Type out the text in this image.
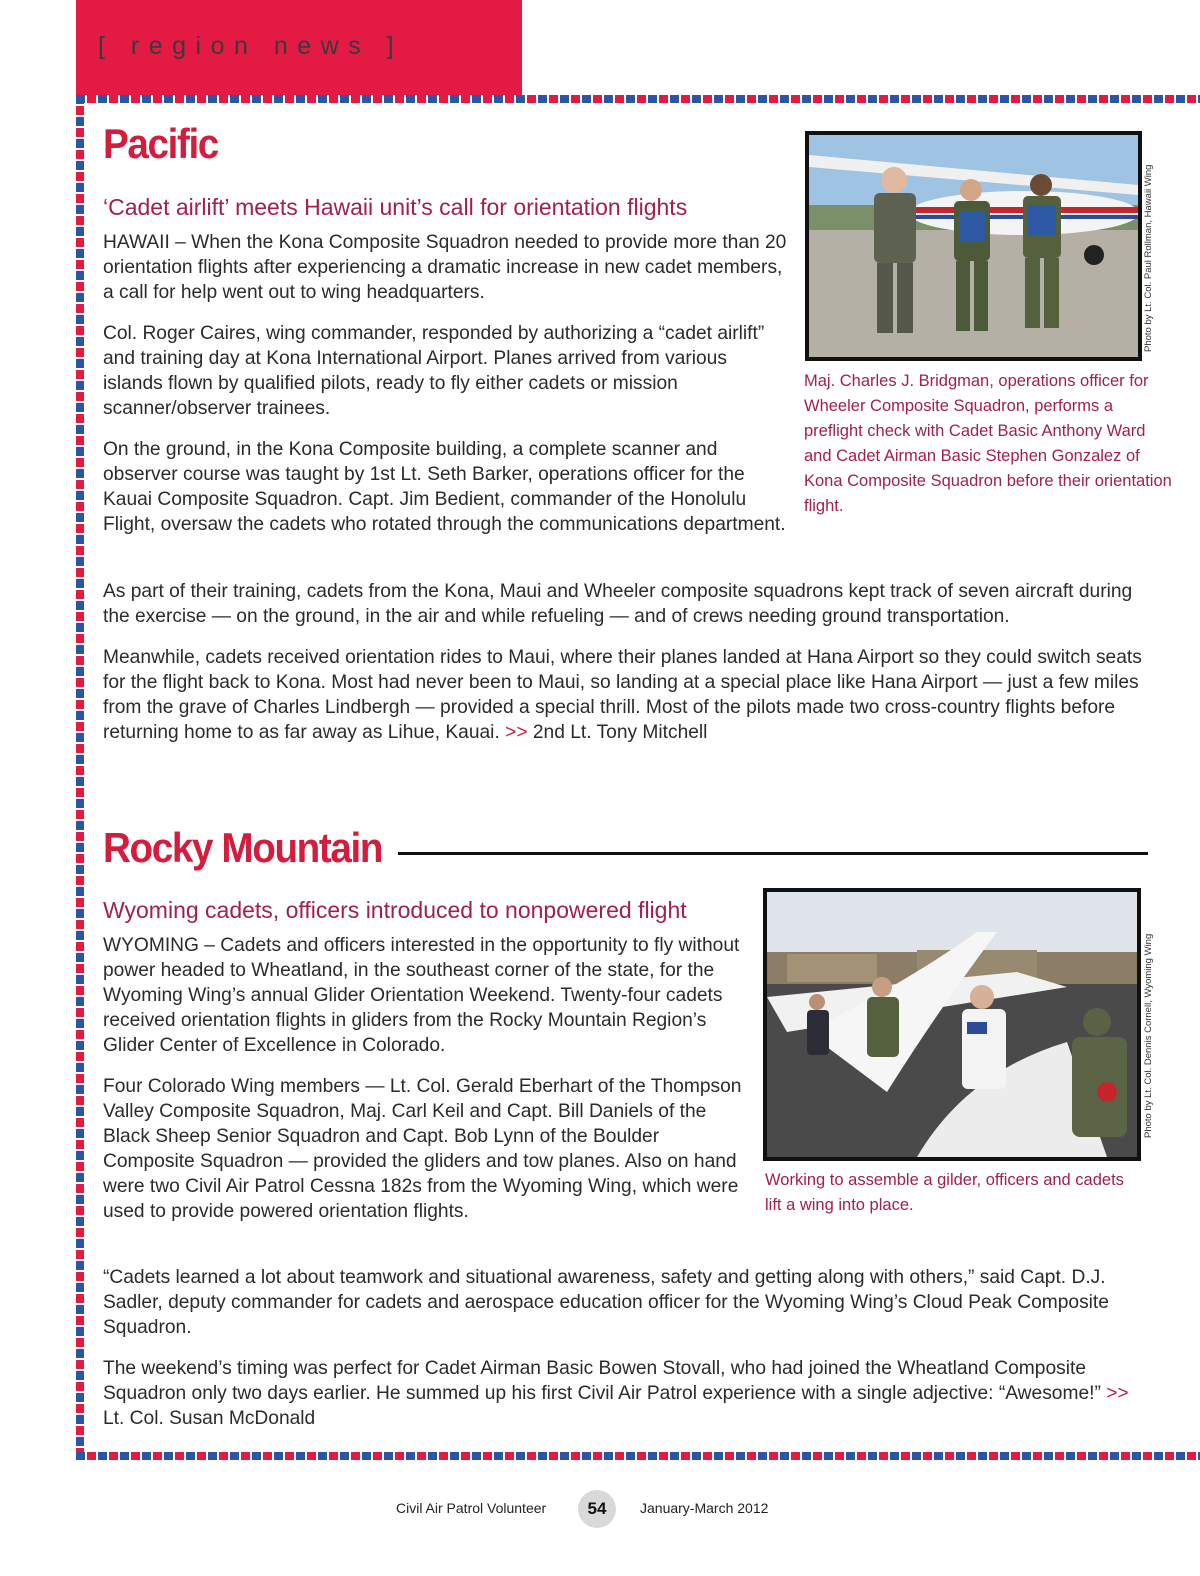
[ region news ]
Pacific
‘Cadet airlift’ meets Hawaii unit’s call for orientation flights

HAWAII – When the Kona Composite Squadron needed to provide more than 20 orientation flights after experiencing a dramatic increase in new cadet members, a call for help went out to wing headquarters.

Col. Roger Caires, wing commander, responded by authorizing a “cadet airlift” and training day at Kona International Airport. Planes arrived from various islands flown by qualified pilots, ready to fly either cadets or mission scanner/observer trainees.

On the ground, in the Kona Composite building, a complete scanner and observer course was taught by 1st Lt. Seth Barker, operations officer for the Kauai Composite Squadron. Capt. Jim Bedient, commander of the Honolulu Flight, oversaw the cadets who rotated through the communications department.

As part of their training, cadets from the Kona, Maui and Wheeler composite squadrons kept track of seven aircraft during the exercise — on the ground, in the air and while refueling — and of crews needing ground transportation.

Meanwhile, cadets received orientation rides to Maui, where their planes landed at Hana Airport so they could switch seats for the flight back to Kona. Most had never been to Maui, so landing at a special place like Hana Airport — just a few miles from the grave of Charles Lindbergh — provided a special thrill. Most of the pilots made two cross-country flights before returning home to as far away as Lihue, Kauai. >> 2nd Lt. Tony Mitchell

Photo by Lt. Col. Paul Rollman, Hawaii Wing
Maj. Charles J. Bridgman, operations officer for Wheeler Composite Squadron, performs a preflight check with Cadet Basic Anthony Ward and Cadet Airman Basic Stephen Gonzalez of Kona Composite Squadron before their orientation flight.
Rocky Mountain
Wyoming cadets, officers introduced to nonpowered flight

WYOMING – Cadets and officers interested in the opportunity to fly without power headed to Wheatland, in the southeast corner of the state, for the Wyoming Wing’s annual Glider Orientation Weekend. Twenty-four cadets received orientation flights in gliders from the Rocky Mountain Region’s Glider Center of Excellence in Colorado.

Four Colorado Wing members — Lt. Col. Gerald Eberhart of the Thompson Valley Composite Squadron, Maj. Carl Keil and Capt. Bill Daniels of the Black Sheep Senior Squadron and Capt. Bob Lynn of the Boulder Composite Squadron — provided the gliders and tow planes. Also on hand were two Civil Air Patrol Cessna 182s from the Wyoming Wing, which were used to provide powered orientation flights.

“Cadets learned a lot about teamwork and situational awareness, safety and getting along with others,” said Capt. D.J. Sadler, deputy commander for cadets and aerospace education officer for the Wyoming Wing’s Cloud Peak Composite Squadron.

The weekend’s timing was perfect for Cadet Airman Basic Bowen Stovall, who had joined the Wheatland Composite Squadron only two days earlier. He summed up his first Civil Air Patrol experience with a single adjective: “Awesome!” >> Lt. Col. Susan McDonald

Photo by Lt. Col. Dennis Cornell, Wyoming Wing
Working to assemble a gilder, officers and cadets lift a wing into place.
Civil Air Patrol Volunteer	54	January-March 2012
